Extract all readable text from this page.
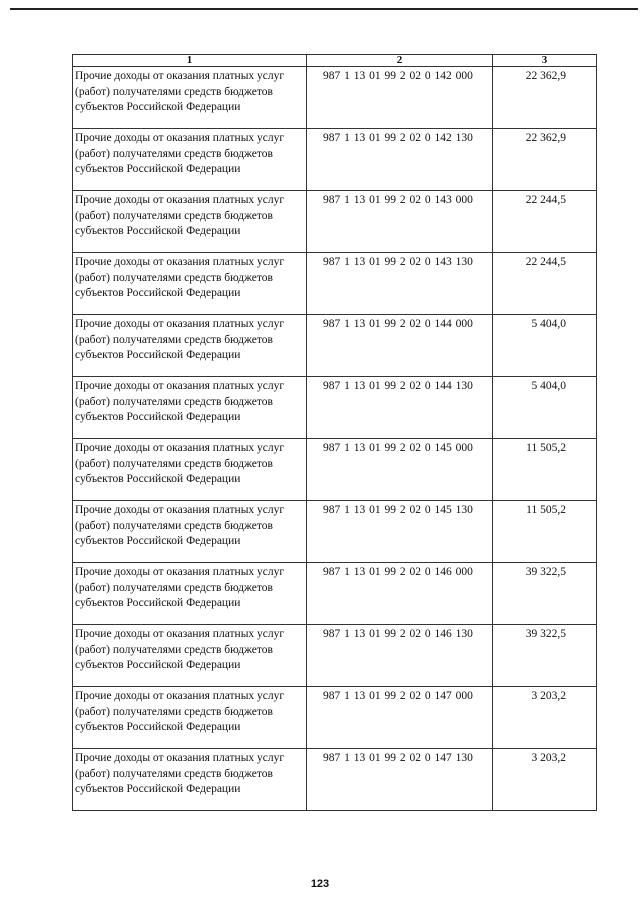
1	2	3
Прочие доходы от оказания платных услуг (работ) получателями средств бюджетов субъектов Российской Федерации	987 1 13 01 99 2 02 0 142 000	22 362,9
Прочие доходы от оказания платных услуг (работ) получателями средств бюджетов субъектов Российской Федерации	987 1 13 01 99 2 02 0 142 130	22 362,9
Прочие доходы от оказания платных услуг (работ) получателями средств бюджетов субъектов Российской Федерации	987 1 13 01 99 2 02 0 143 000	22 244,5
Прочие доходы от оказания платных услуг (работ) получателями средств бюджетов субъектов Российской Федерации	987 1 13 01 99 2 02 0 143 130	22 244,5
Прочие доходы от оказания платных услуг (работ) получателями средств бюджетов субъектов Российской Федерации	987 1 13 01 99 2 02 0 144 000	5 404,0
Прочие доходы от оказания платных услуг (работ) получателями средств бюджетов субъектов Российской Федерации	987 1 13 01 99 2 02 0 144 130	5 404,0
Прочие доходы от оказания платных услуг (работ) получателями средств бюджетов субъектов Российской Федерации	987 1 13 01 99 2 02 0 145 000	11 505,2
Прочие доходы от оказания платных услуг (работ) получателями средств бюджетов субъектов Российской Федерации	987 1 13 01 99 2 02 0 145 130	11 505,2
Прочие доходы от оказания платных услуг (работ) получателями средств бюджетов субъектов Российской Федерации	987 1 13 01 99 2 02 0 146 000	39 322,5
Прочие доходы от оказания платных услуг (работ) получателями средств бюджетов субъектов Российской Федерации	987 1 13 01 99 2 02 0 146 130	39 322,5
Прочие доходы от оказания платных услуг (работ) получателями средств бюджетов субъектов Российской Федерации	987 1 13 01 99 2 02 0 147 000	3 203,2
Прочие доходы от оказания платных услуг (работ) получателями средств бюджетов субъектов Российской Федерации	987 1 13 01 99 2 02 0 147 130	3 203,2
123
